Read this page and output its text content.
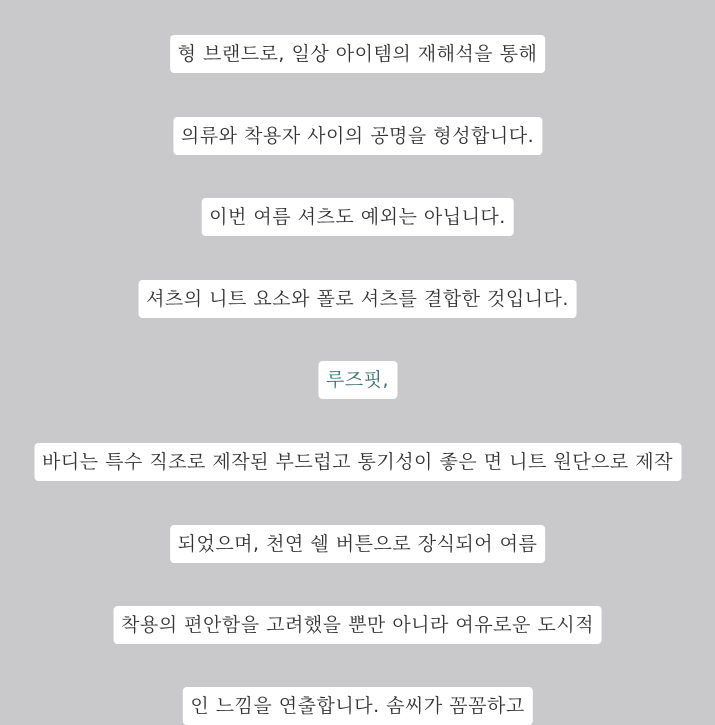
형 브랜드로, 일상 아이템의 재해석을 통해
의류와 착용자 사이의 공명을 형성합니다.
이번 여름 셔츠도 예외는 아닙니다.
셔츠의 니트 요소와 폴로 셔츠를 결합한 것입니다.
루즈핏,
바디는 특수 직조로 제작된 부드럽고 통기성이 좋은 면 니트 원단으로 제작
되었으며, 천연 쉘 버튼으로 장식되어 여름
착용의 편안함을 고려했을 뿐만 아니라 여유로운 도시적
인 느낌을 연출합니다. 솜씨가 꼼꼼하고
